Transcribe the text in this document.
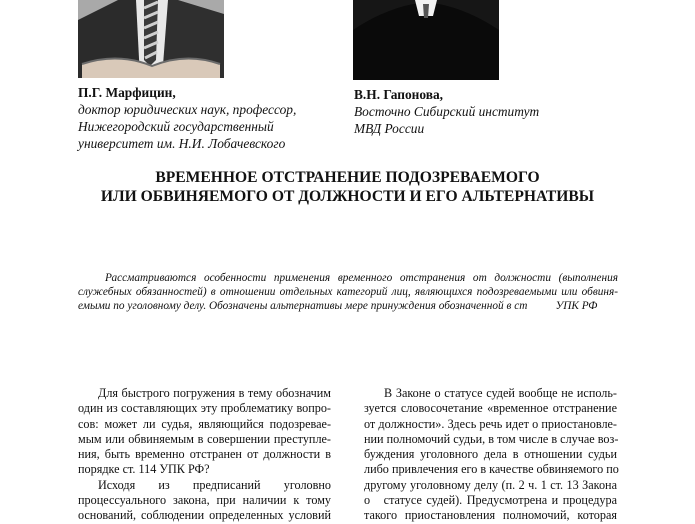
П.Г. Марфицин,
доктор юридических наук, профессор,
Нижегородский государственный
университет им. Н.И. Лобачевского
В.Н. Гапонова,
Восточно Сибирский институт
МВД России
ВРЕМЕННОЕ ОТСТРАНЕНИЕ ПОДОЗРЕВАЕМОГО
ИЛИ ОБВИНЯЕМОГО ОТ ДОЛЖНОСТИ И ЕГО АЛЬТЕРНАТИВЫ
Рассматриваются особенности применения временного отстранения от должности (выполнения
служебных обязанностей) в отношении отдельных категорий лиц, являющихся подозреваемыми или обвиня-
емыми по уголовному делу. Обозначены альтернативы мере принуждения обозначенной в ст          УПК РФ
Для быстрого погружения в тему обозначим
один из составляющих эту проблематику вопро-
сов: может ли судья, являющийся подозревае-
мым или обвиняемым в совершении преступле-
ния, быть временно отстранен от должности в
порядке ст. 114 УПК РФ?
Исходя    из    предписаний    уголовно
процессуального закона, при наличии к тому
оснований, соблюдении определенных условий
В Законе о статусе судей вообще не исполь-
зуется словосочетание «временное отстранение
от должности». Здесь речь идет о приостановле-
нии полномочий судьи, в том числе в случае воз-
буждения уголовного дела в отношении судьи
либо привлечения его в качестве обвиняемого по
другому уголовному делу (п. 2 ч. 1 ст. 13 Закона
о   статусе судей). Предусмотрена и процедура
такого приостановления полномочий, которая
